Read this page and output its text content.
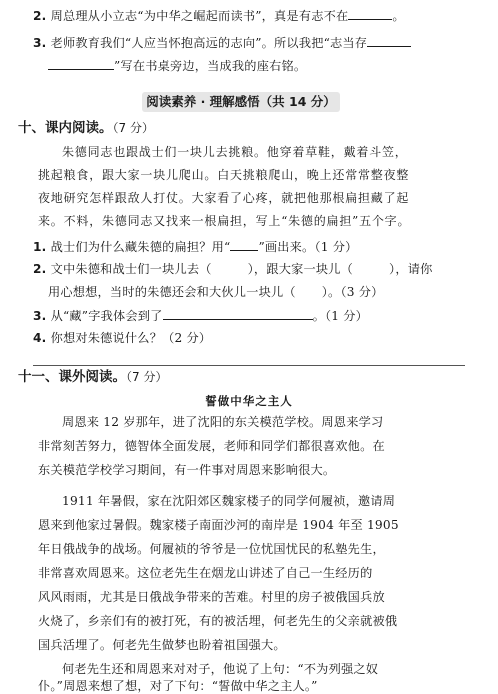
2. 周总理从小立志“为中华之崛起而读书”，真是有志不在	。
3. 老师教育我们“人应当怀抱高远的志向”。所以我把“志当存
”写在书桌旁边，当成我的座右铭。
阅读素养 · 理解感悟（共 14 分）
十、课内阅读。（7 分）
朱德同志也跟战士们一块儿去挑粮。他穿着草鞋，戴着斗笠，
挑起粮食，跟大家一块儿爬山。白天挑粮爬山，晚上还常常整夜整
夜地研究怎样跟敌人打仗。大家看了心疼，就把他那根扁担藏了起
来。不料，朱德同志又找来一根扁担，写上“朱德的扁担”五个字。
1. 战士们为什么藏朱德的扁担？用“ ”画出来。（1 分）
2. 文中朱德和战士们一块儿去（	），跟大家一块儿（	），请你
用心想想，当时的朱德还会和大伙儿一块儿（ ）。（3 分）
3. 从“藏”字我体会到了	。（1 分）
4. 你想对朱德说什么？（2 分）
十一、课外阅读。（7 分）
誓做中华之主人
周恩来 12 岁那年，进了沈阳的东关模范学校。周恩来学习
非常刻苦努力，德智体全面发展，老师和同学们都很喜欢他。在
东关模范学校学习期间，有一件事对周恩来影响很大。
1911 年暑假，家在沈阳郊区魏家楼子的同学何履祯，邀请周
恩来到他家过暑假。魏家楼子南面沙河的南岸是 1904 年至 1905
年日俄战争的战场。何履祯的爷爷是一位忧国忧民的私塾先生，
非常喜欢周恩来。这位老先生在烟龙山讲述了自己一生经历的
风风雨雨，尤其是日俄战争带来的苦难。村里的房子被俄国兵放
火烧了，乡亲们有的被打死，有的被活埋，何老先生的父亲就被俄
国兵活埋了。何老先生做梦也盼着祖国强大。
何老先生还和周恩来对对子，他说了上句：“不为列强之奴
仆。”周恩来想了想，对了下句：“誓做中华之主人。”
